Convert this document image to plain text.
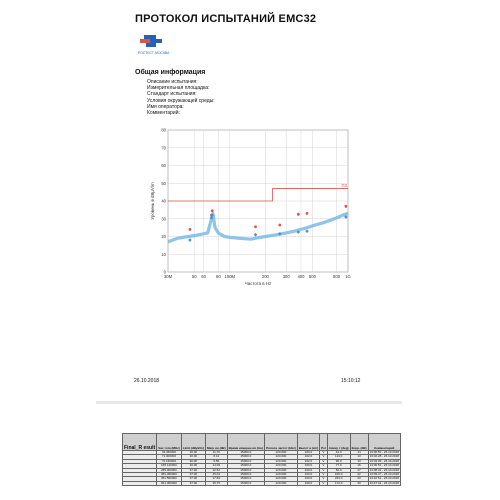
ПРОТОКОЛ ИСПЫТАНИЙ EMC32
РОСТЕСТ-МОСКВА
Общая информация
Описание испытания:
Измерительная площадка:
Стандарт испытания:
Условия окружающей среды:
Имя оператора:
Комментарий:
0
10
20
30
40
50
60
70
80
30M	50 60 80 100M	200	300 400 500	800 1G
ПЗ
Уровень в dBµV/m
Частота в Hz
26.10.2018	15:10:12
Final_R esult	Час тота (MHz)	Limit (dBµV/m)	Магр ин (dB)	Время измерен ия (ms)	Полоса частот (kHz)	Высот а (cm)	Pol	Азиму т (deg)	Корр. (dB)	Комментарий
	43.360000	30.00	11.70	15000.0	120.000	100.0	V	44.0	14	13:00:50 - 26.10.2018
	71.000000	30.00	8.12	15000.0	120.000	102.0	V	113.0	13	13:02:28 - 26.10.2018
	72.160000	30.00	9.56	15000.0	120.000	102.0	V	96.0	13	13:03:09 - 26.10.2018
	165.120000	30.00	14.09	15000.0	120.000	100.0	V	77.0	16	13:06:52 - 26.10.2018
	265.000000	37.00	12.52	15000.0	120.000	100.0	V	52.0	17	13:08:02 - 26.10.2018
	381.360000	37.00	15.04	15000.0	120.000	100.0	V	166.0	22	13:09:47 - 26.10.2018
	451.560000	37.00	17.83	15000.0	120.000	100.0	V	233.0	23	13:10:51 - 26.10.2018
	961.360000	37.00	15.75	15000.0	120.000	100.0	V	172.0	30	13:47:42 - 26.10.2018
